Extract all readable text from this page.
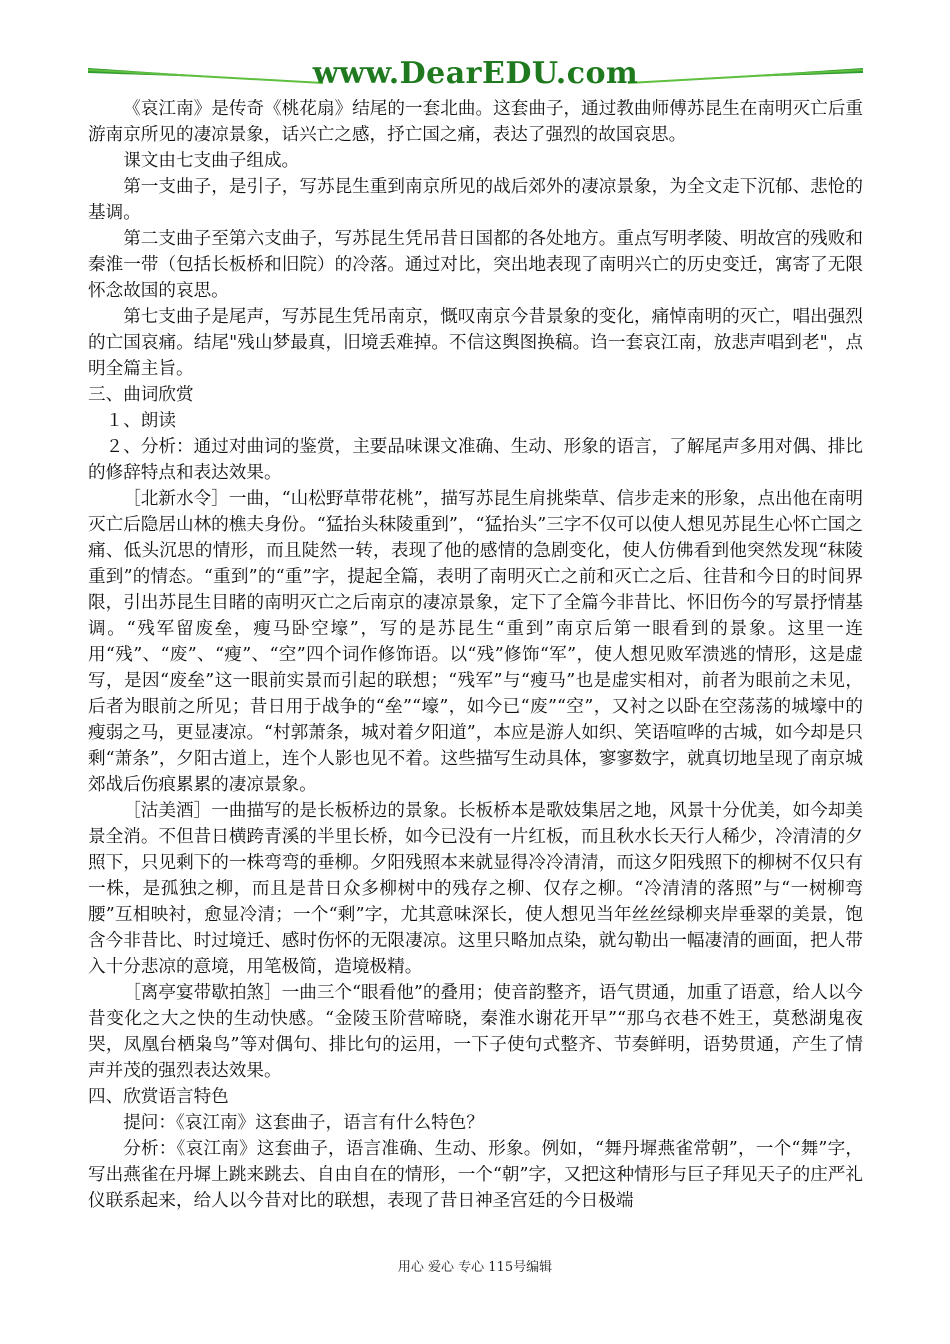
www.DearEDU.com

《哀江南》是传奇《桃花扇》结尾的一套北曲。这套曲子，通过教曲师傅苏昆生在南明灭亡后重游南京所见的凄凉景象，话兴亡之感，抒亡国之痛，表达了强烈的故国哀思。

课文由七支曲子组成。

第一支曲子，是引子，写苏昆生重到南京所见的战后郊外的凄凉景象，为全文走下沉郁、悲怆的基调。

第二支曲子至第六支曲子，写苏昆生凭吊昔日国都的各处地方。重点写明孝陵、明故宫的残败和秦淮一带（包括长板桥和旧院）的冷落。通过对比，突出地表现了南明兴亡的历史变迁，寓寄了无限怀念故国的哀思。

第七支曲子是尾声，写苏昆生凭吊南京，慨叹南京今昔景象的变化，痛悼南明的灭亡，唱出强烈的亡国哀痛。结尾"残山梦最真，旧境丢难掉。不信这舆图换稿。诌一套哀江南，放悲声唱到老"，点明全篇主旨。

三、曲词欣赏

１、朗读

２、分析：通过对曲词的鉴赏，主要品味课文准确、生动、形象的语言，了解尾声多用对偶、排比的修辞特点和表达效果。

［北新水令］一曲，“山松野草带花桃”，描写苏昆生肩挑柴草、信步走来的形象，点出他在南明灭亡后隐居山林的樵夫身份。“猛抬头秣陵重到”，“猛抬头”三字不仅可以使人想见苏昆生心怀亡国之痛、低头沉思的情形，而且陡然一转，表现了他的感情的急剧变化，使人仿佛看到他突然发现“秣陵重到”的情态。“重到”的“重”字，提起全篇，表明了南明灭亡之前和灭亡之后、往昔和今日的时间界限，引出苏昆生目睹的南明灭亡之后南京的凄凉景象，定下了全篇今非昔比、怀旧伤今的写景抒情基调。“残军留废垒，瘦马卧空壕”，写的是苏昆生“重到”南京后第一眼看到的景象。这里一连用“残”、“废”、“瘦”、“空”四个词作修饰语。以“残”修饰“军”，使人想见败军溃逃的情形，这是虚写，是因“废垒”这一眼前实景而引起的联想；“残军”与“瘦马”也是虚实相对，前者为眼前之未见，后者为眼前之所见；昔日用于战争的“垒”“壕”，如今已“废”“空”，又衬之以卧在空荡荡的城壕中的瘦弱之马，更显凄凉。“村郭萧条，城对着夕阳道”，本应是游人如织、笑语喧哗的古城，如今却是只剩“萧条”，夕阳古道上，连个人影也见不着。这些描写生动具体，寥寥数字，就真切地呈现了南京城郊战后伤痕累累的凄凉景象。

［沽美酒］一曲描写的是长板桥边的景象。长板桥本是歌妓集居之地，风景十分优美，如今却美景全消。不但昔日横跨青溪的半里长桥，如今已没有一片红板，而且秋水长天行人稀少，冷清清的夕照下，只见剩下的一株弯弯的垂柳。夕阳残照本来就显得冷冷清清，而这夕阳残照下的柳树不仅只有一株，是孤独之柳，而且是昔日众多柳树中的残存之柳、仅存之柳。“冷清清的落照”与“一树柳弯腰”互相映衬，愈显冷清；一个“剩”字，尤其意味深长，使人想见当年丝丝绿柳夹岸垂翠的美景，饱含今非昔比、时过境迁、感时伤怀的无限凄凉。这里只略加点染，就勾勒出一幅凄清的画面，把人带入十分悲凉的意境，用笔极简，造境极精。

［离亭宴带歇拍煞］一曲三个“眼看他”的叠用；使音韵整齐，语气贯通，加重了语意，给人以今昔变化之大之快的生动快感。“金陵玉阶营啼晓，秦淮水谢花开早”“那乌衣巷不姓王，莫愁湖鬼夜哭，凤凰台栖枭鸟”等对偶句、排比句的运用，一下子使句式整齐、节奏鲜明，语势贯通，产生了情声并茂的强烈表达效果。

四、欣赏语言特色

提问：《哀江南》这套曲子，语言有什么特色？

分析：《哀江南》这套曲子，语言准确、生动、形象。例如，“舞丹墀燕雀常朝”，一个“舞”字，写出燕雀在丹墀上跳来跳去、自由自在的情形，一个“朝”字，又把这种情形与巨子拜见天子的庄严礼仪联系起来，给人以今昔对比的联想，表现了昔日神圣宫廷的今日极端

用心 爱心 专心 115号编辑
